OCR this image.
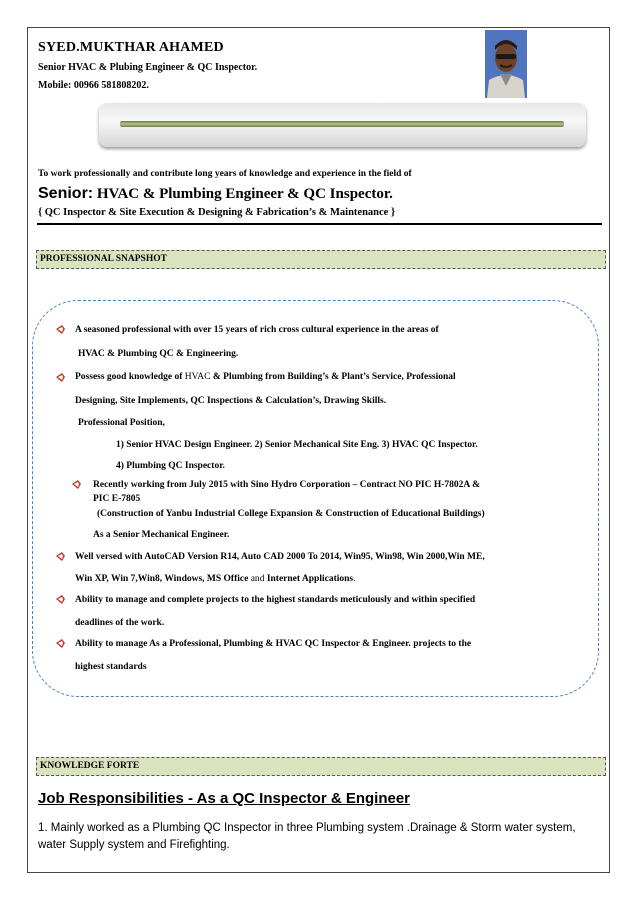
SYED.MUKTHAR AHAMED
Senior HVAC & Plubing Engineer & QC Inspector.
Mobile: 00966 581808202.
To work professionally and contribute long years of knowledge and experience in the field of
Senior: HVAC & Plumbing Engineer & QC Inspector.
{ QC Inspector & Site Execution & Designing & Fabrication’s & Maintenance }
PROFESSIONAL SNAPSHOT
A seasoned professional with over 15 years of rich cross cultural experience in the areas of
HVAC & Plumbing QC & Engineering.
Possess good knowledge of HVAC & Plumbing from Building’s & Plant’s Service, Professional
Designing, Site Implements, QC Inspections & Calculation’s, Drawing Skills.
Professional Position,
1) Senior HVAC Design Engineer. 2) Senior Mechanical Site Eng. 3) HVAC QC Inspector.
4) Plumbing QC Inspector.
Recently working from July 2015 with Sino Hydro Corporation – Contract NO PIC H-7802A &
PIC E-7805
(Construction of Yanbu Industrial College Expansion & Construction of Educational Buildings)
As a Senior Mechanical Engineer.
Well versed with AutoCAD Version R14, Auto CAD 2000 To 2014, Win95, Win98, Win 2000,Win ME,
Win XP, Win 7,Win8, Windows, MS Office and Internet Applications.
Ability to manage and complete projects to the highest standards meticulously and within specified
deadlines of the work.
Ability to manage As a Professional, Plumbing & HVAC QC Inspector & Engineer. projects to the
highest standards
KNOWLEDGE FORTE
Job Responsibilities - As a QC Inspector & Engineer
1. Mainly worked as a Plumbing QC Inspector in three Plumbing system .Drainage & Storm water system, water Supply system and Firefighting.
